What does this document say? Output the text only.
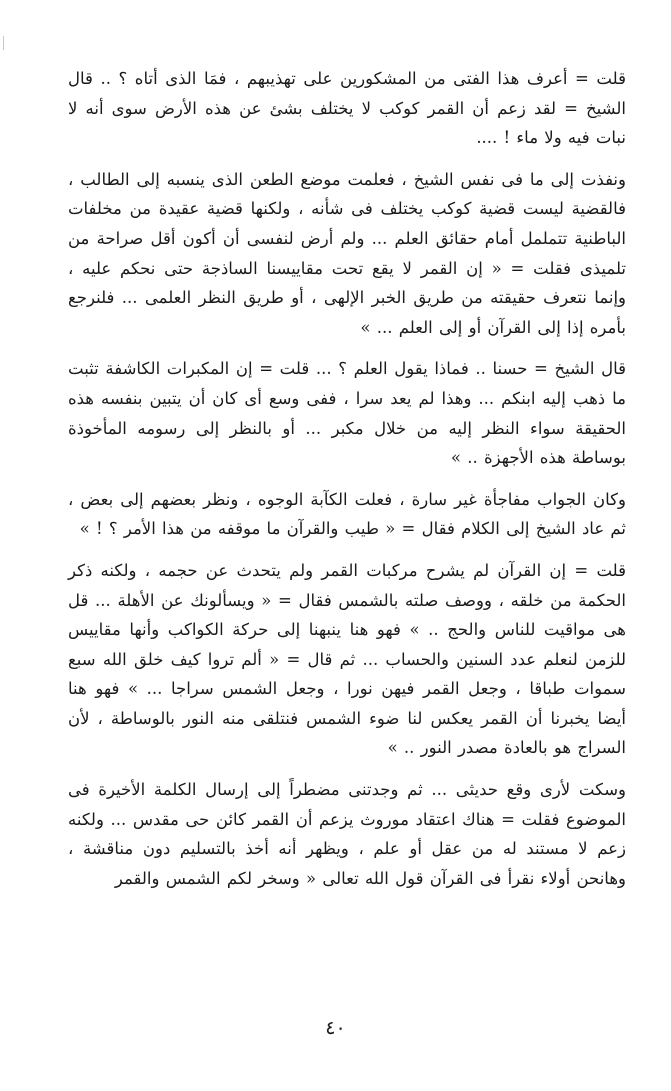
قلت = أعرف هذا الفتى من المشكورين على تهذيبهم ، فمَا الذى أتاه ؟ .. قال الشيخ = لقد زعم أن القمر كوكب لا يختلف بشئ عن هذه الأرض سوى أنه لا نبات فيه ولا ماء ! ....

ونفذت إلى ما فى نفس الشيخ ، فعلمت موضع الطعن الذى ينسبه إلى الطالب ، فالقضية ليست قضية كوكب يختلف فى شأنه ، ولكنها قضية عقيدة من مخلفات الباطنية تتململ أمام حقائق العلم ... ولم أرض لنفسى أن أكون أقل صراحة من تلميذى فقلت = « إن القمر لا يقع تحت مقاييسنا الساذجة حتى نحكم عليه ، وإنما نتعرف حقيقته من طريق الخبر الإلهى ، أو طريق النظر العلمى ... فلنرجع بأمره إذا إلى القرآن أو إلى العلم ... »

قال الشيخ = حسنا .. فماذا يقول العلم ؟ ... قلت = إن المكبرات الكاشفة تثبت ما ذهب إليه ابنكم ... وهذا لم يعد سرا ، ففى وسع أى كان أن يتبين بنفسه هذه الحقيقة سواء النظر إليه من خلال مكبر ... أو بالنظر إلى رسومه المأخوذة بوساطة هذه الأجهزة .. »

وكان الجواب مفاجأة غير سارة ، فعلت الكآبة الوجوه ، ونظر بعضهم إلى بعض ، ثم عاد الشيخ إلى الكلام فقال = « طيب والقرآن ما موقفه من هذا الأمر ؟ ! »

قلت = إن القرآن لم يشرح مركبات القمر ولم يتحدث عن حجمه ، ولكنه ذكر الحكمة من خلقه ، ووصف صلته بالشمس فقال = « ويسألونك عن الأهلة ... قل هى مواقيت للناس والحج .. » فهو هنا ينبهنا إلى حركة الكواكب وأنها مقاييس للزمن لنعلم عدد السنين والحساب ... ثم قال = « ألم تروا كيف خلق الله سبع سموات طباقا ، وجعل القمر فيهن نورا ، وجعل الشمس سراجا ... » فهو هنا أيضا يخبرنا أن القمر يعكس لنا ضوء الشمس فنتلقى منه النور بالوساطة ، لأن السراج هو بالعادة مصدر النور .. »

وسكت لأرى وقع حديثى ... ثم وجدتنى مضطراً إلى إرسال الكلمة الأخيرة فى الموضوع فقلت = هناك اعتقاد موروث يزعم أن القمر كائن حى مقدس ... ولكنه زعم لا مستند له من عقل أو علم ، ويظهر أنه أخذ بالتسليم دون مناقشة ، وهانحن أولاء نقرأ فى القرآن قول الله تعالى « وسخر لكم الشمس والقمر

٤٠
